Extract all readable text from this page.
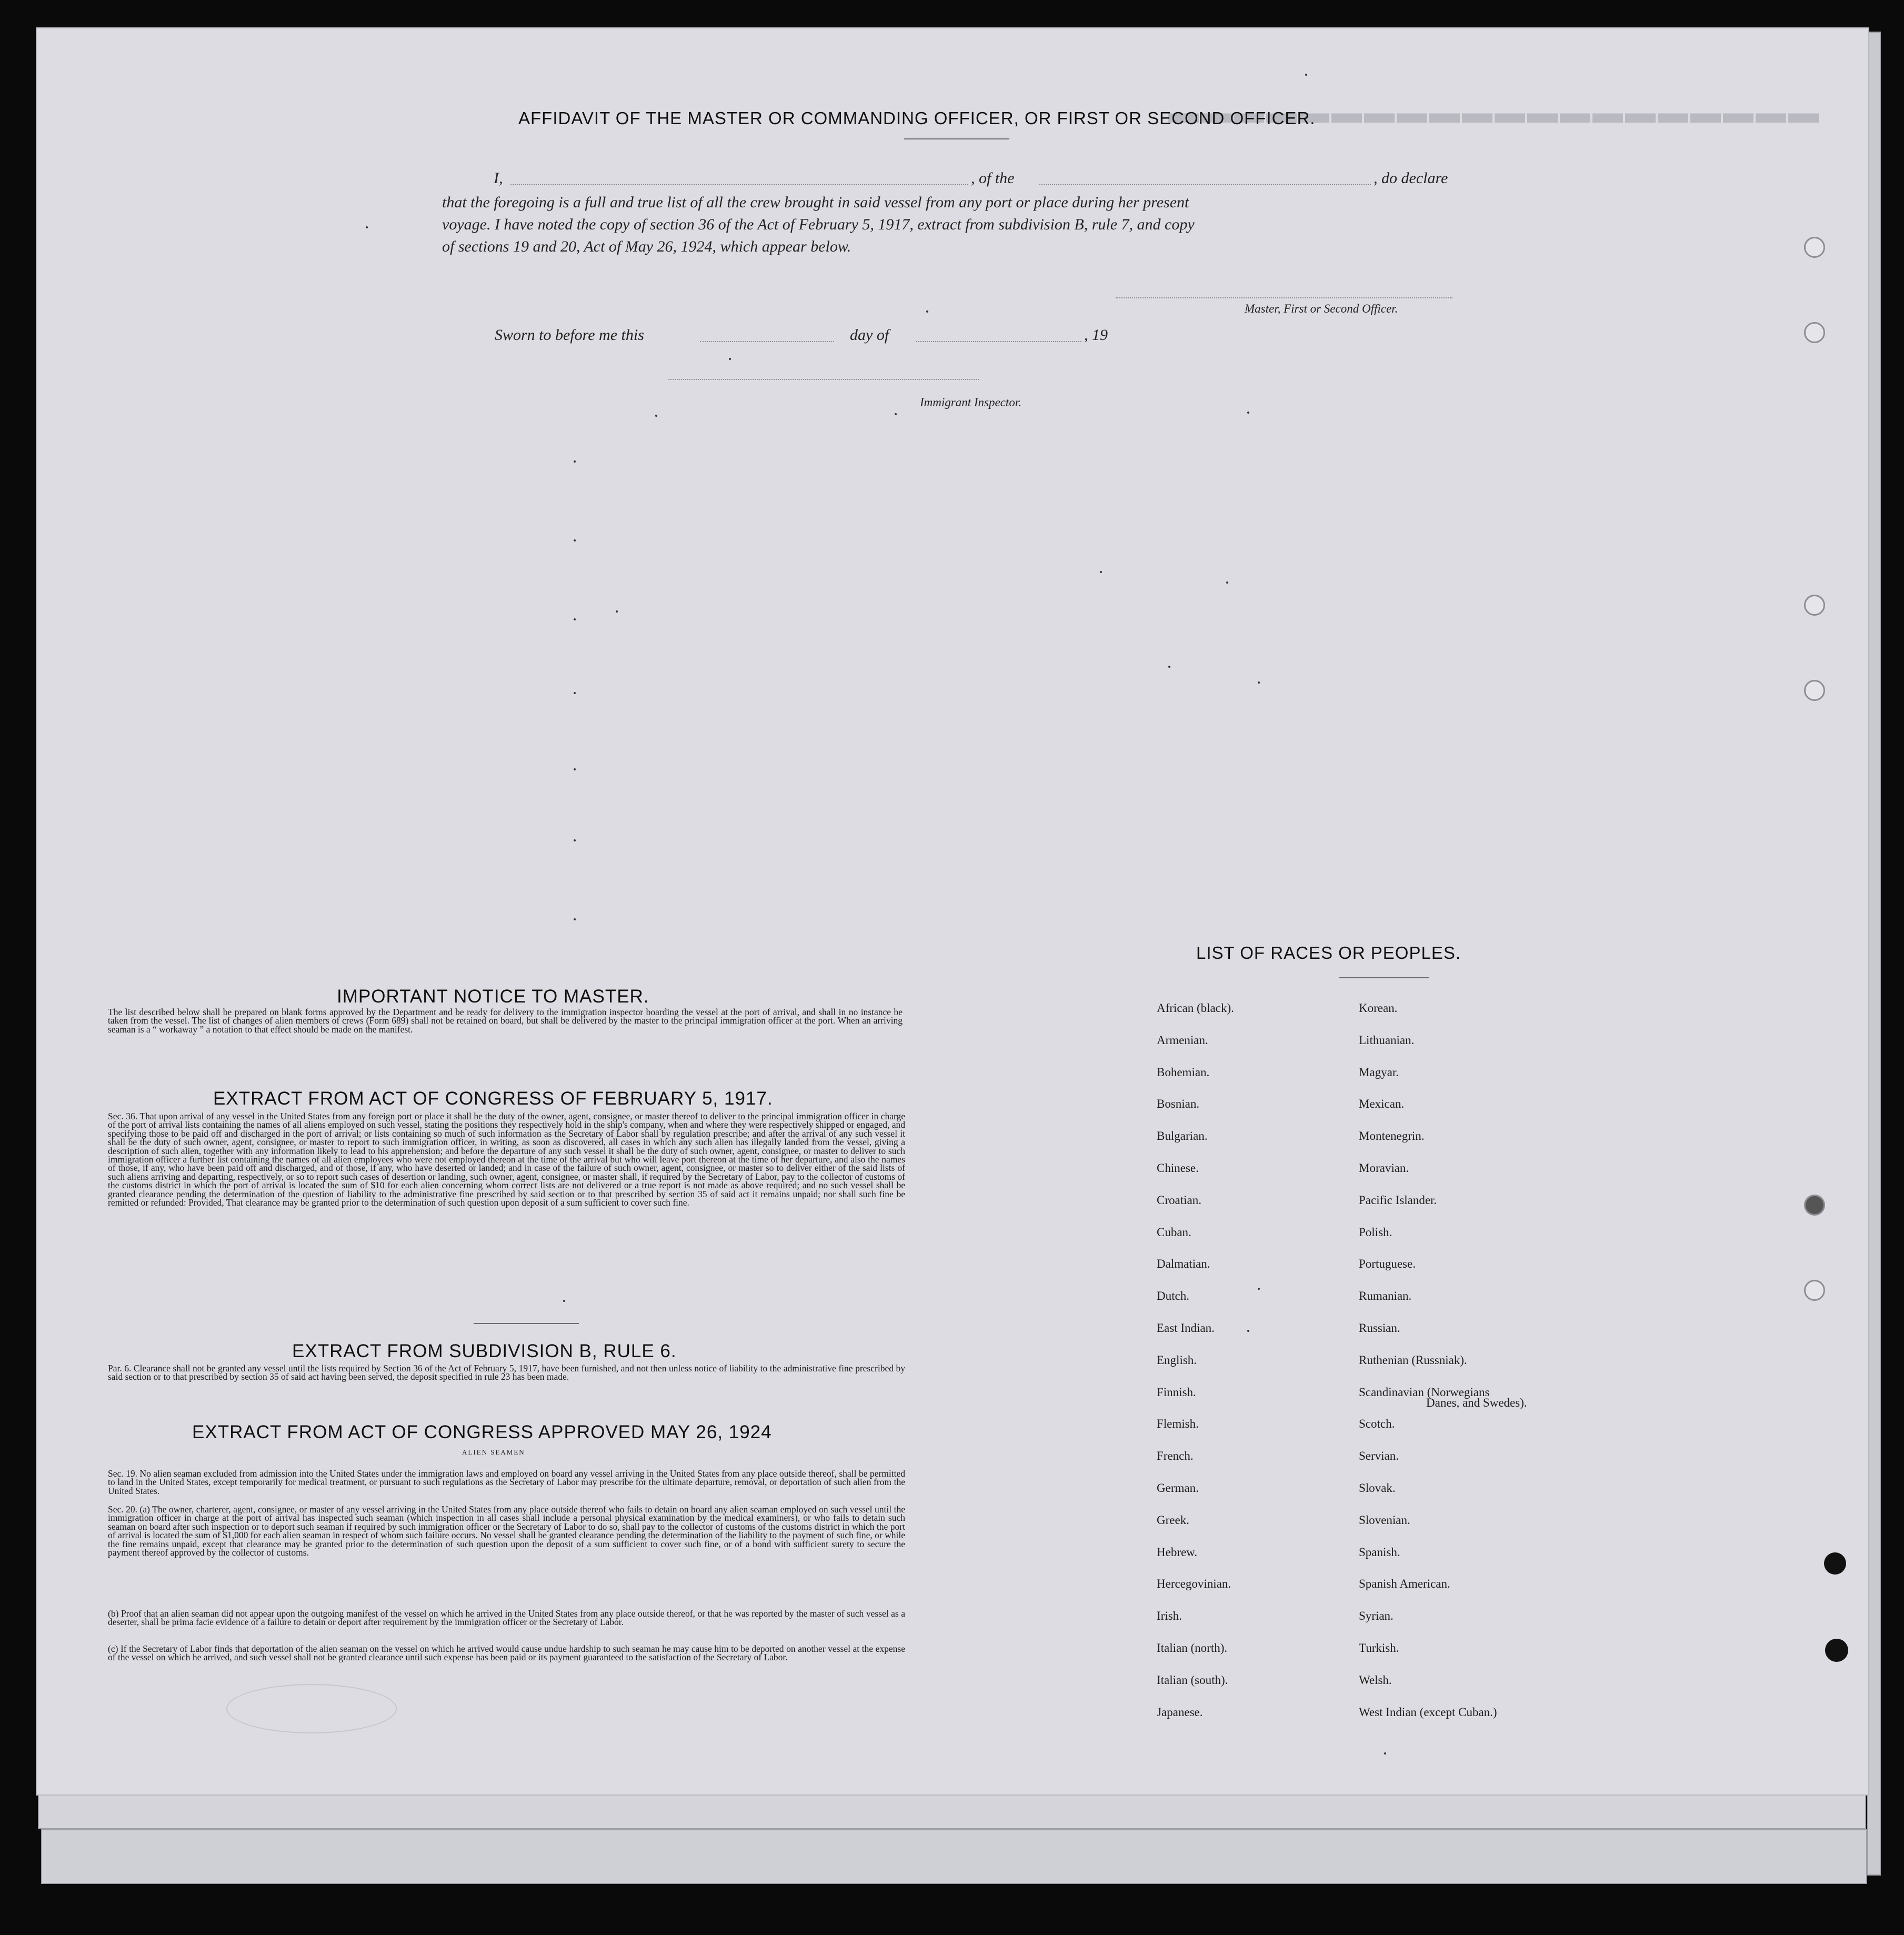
▬▬▬▬▬▬▬▬▬▬▬▬▬▬▬▬▬▬▬▬
AFFIDAVIT OF THE MASTER OR COMMANDING OFFICER, OR FIRST OR SECOND OFFICER.
I,	, of the	, do declare
that the foregoing is a full and true list of all the crew brought in said vessel from any port or place during her present
voyage. I have noted the copy of section 36 of the Act of February 5, 1917, extract from subdivision B, rule 7, and copy
of sections 19 and 20, Act of May 26, 1924, which appear below.
Master, First or Second Officer.
Sworn to before me this	day of	, 19
Immigrant Inspector.
IMPORTANT NOTICE TO MASTER.
The list described below shall be prepared on blank forms approved by the Department and be ready for delivery to the immigration inspector boarding the vessel at the port of arrival, and shall in no instance be taken from the vessel. The list of changes of alien members of crews (Form 689) shall not be retained on board, but shall be delivered by the master to the principal immigration officer at the port. When an arriving seaman is a “ workaway ” a notation to that effect should be made on the manifest.
EXTRACT FROM ACT OF CONGRESS OF FEBRUARY 5, 1917.
Sec. 36. That upon arrival of any vessel in the United States from any foreign port or place it shall be the duty of the owner, agent, consignee, or master thereof to deliver to the principal immigration officer in charge of the port of arrival lists containing the names of all aliens employed on such vessel, stating the positions they respectively hold in the ship's company, when and where they were respectively shipped or engaged, and specifying those to be paid off and discharged in the port of arrival; or lists containing so much of such information as the Secretary of Labor shall by regulation prescribe; and after the arrival of any such vessel it shall be the duty of such owner, agent, consignee, or master to report to such immigration officer, in writing, as soon as discovered, all cases in which any such alien has illegally landed from the vessel, giving a description of such alien, together with any information likely to lead to his apprehension; and before the departure of any such vessel it shall be the duty of such owner, agent, consignee, or master to deliver to such immigration officer a further list containing the names of all alien employees who were not employed thereon at the time of the arrival but who will leave port thereon at the time of her departure, and also the names of those, if any, who have been paid off and discharged, and of those, if any, who have deserted or landed; and in case of the failure of such owner, agent, consignee, or master so to deliver either of the said lists of such aliens arriving and departing, respectively, or so to report such cases of desertion or landing, such owner, agent, consignee, or master shall, if required by the Secretary of Labor, pay to the collector of customs of the customs district in which the port of arrival is located the sum of $10 for each alien concerning whom correct lists are not delivered or a true report is not made as above required; and no such vessel shall be granted clearance pending the determination of the question of liability to the administrative fine prescribed by said section or to that prescribed by section 35 of said act it remains unpaid; nor shall such fine be remitted or refunded: Provided, That clearance may be granted prior to the determination of such question upon deposit of a sum sufficient to cover such fine.
EXTRACT FROM SUBDIVISION B, RULE 6.
Par. 6. Clearance shall not be granted any vessel until the lists required by Section 36 of the Act of February 5, 1917, have been furnished, and not then unless notice of liability to the administrative fine prescribed by said section or to that prescribed by section 35 of said act having been served, the deposit specified in rule 23 has been made.
EXTRACT FROM ACT OF CONGRESS APPROVED MAY 26, 1924
ALIEN SEAMEN
Sec. 19. No alien seaman excluded from admission into the United States under the immigration laws and employed on board any vessel arriving in the United States from any place outside thereof, shall be permitted to land in the United States, except temporarily for medical treatment, or pursuant to such regulations as the Secretary of Labor may prescribe for the ultimate departure, removal, or deportation of such alien from the United States.
Sec. 20. (a) The owner, charterer, agent, consignee, or master of any vessel arriving in the United States from any place outside thereof who fails to detain on board any alien seaman employed on such vessel until the immigration officer in charge at the port of arrival has inspected such seaman (which inspection in all cases shall include a personal physical examination by the medical examiners), or who fails to detain such seaman on board after such inspection or to deport such seaman if required by such immigration officer or the Secretary of Labor to do so, shall pay to the collector of customs of the customs district in which the port of arrival is located the sum of $1,000 for each alien seaman in respect of whom such failure occurs. No vessel shall be granted clearance pending the determination of the liability to the payment of such fine, or while the fine remains unpaid, except that clearance may be granted prior to the determination of such question upon the deposit of a sum sufficient to cover such fine, or of a bond with sufficient surety to secure the payment thereof approved by the collector of customs.
(b) Proof that an alien seaman did not appear upon the outgoing manifest of the vessel on which he arrived in the United States from any place outside thereof, or that he was reported by the master of such vessel as a deserter, shall be prima facie evidence of a failure to detain or deport after requirement by the immigration officer or the Secretary of Labor.
(c) If the Secretary of Labor finds that deportation of the alien seaman on the vessel on which he arrived would cause undue hardship to such seaman he may cause him to be deported on another vessel at the expense of the vessel on which he arrived, and such vessel shall not be granted clearance until such expense has been paid or its payment guaranteed to the satisfaction of the Secretary of Labor.
LIST OF RACES OR PEOPLES.
African (black).
Armenian.
Bohemian.
Bosnian.
Bulgarian.
Chinese.
Croatian.
Cuban.
Dalmatian.
Dutch.
East Indian.
English.
Finnish.
Flemish.
French.
German.
Greek.
Hebrew.
Hercegovinian.
Irish.
Italian (north).
Italian (south).
Japanese.
Korean.
Lithuanian.
Magyar.
Mexican.
Montenegrin.
Moravian.
Pacific Islander.
Polish.
Portuguese.
Rumanian.
Russian.
Ruthenian (Russniak).
Scandinavian (Norwegians
Scotch.
Servian.
Slovak.
Slovenian.
Spanish.
Spanish American.
Syrian.
Turkish.
Welsh.
West Indian (except Cuban.)
Danes, and Swedes).
